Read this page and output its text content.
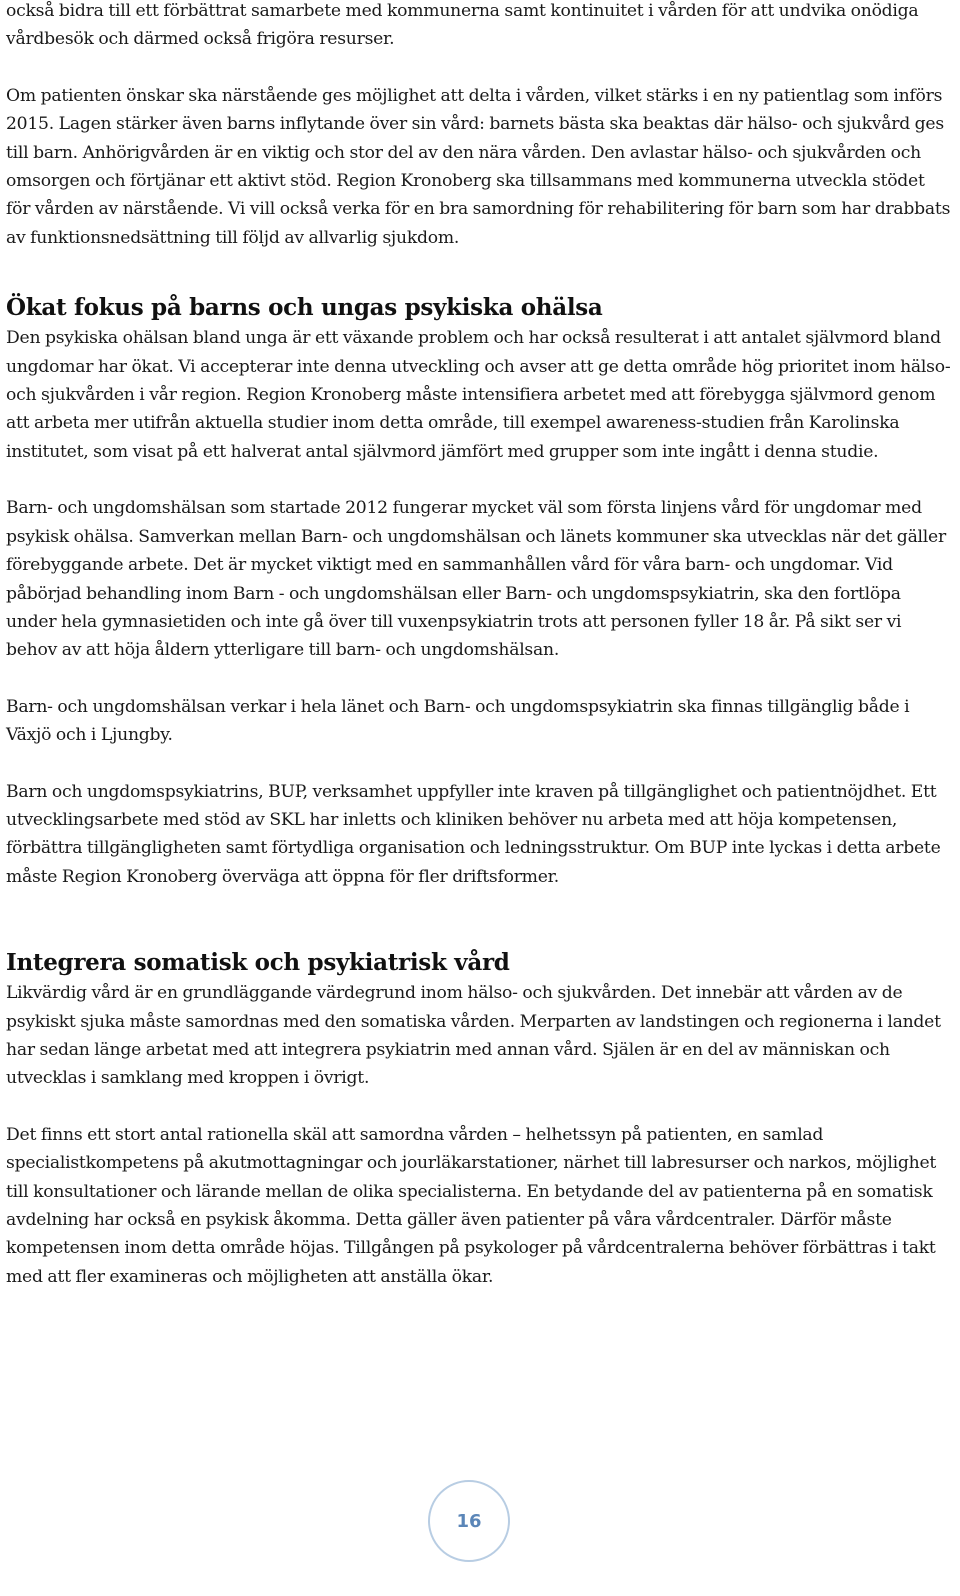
också bidra till ett förbättrat samarbete med kommunerna samt kontinuitet i vården för att undvika onödiga vårdbesök och därmed också frigöra resurser.

Om patienten önskar ska närstående ges möjlighet att delta i vården, vilket stärks i en ny patientlag som införs 2015. Lagen stärker även barns inflytande över sin vård: barnets bästa ska beaktas där hälso- och sjukvård ges till barn. Anhörigvården är en viktig och stor del av den nära vården. Den avlastar hälso- och sjukvården och omsorgen och förtjänar ett aktivt stöd. Region Kronoberg ska tillsammans med kommunerna utveckla stödet för vården av närstående. Vi vill också verka för en bra samordning för rehabilitering för barn som har drabbats av funktionsnedsättning till följd av allvarlig sjukdom.

Ökat fokus på barns och ungas psykiska ohälsa

Den psykiska ohälsan bland unga är ett växande problem och har också resulterat i att antalet självmord bland ungdomar har ökat. Vi accepterar inte denna utveckling och avser att ge detta område hög prioritet inom hälso- och sjukvården i vår region. Region Kronoberg måste intensifiera arbetet med att förebygga självmord genom att arbeta mer utifrån aktuella studier inom detta område, till exempel awareness-studien från Karolinska institutet, som visat på ett halverat antal självmord jämfört med grupper som inte ingått i denna studie.

Barn- och ungdomshälsan som startade 2012 fungerar mycket väl som första linjens vård för ungdomar med psykisk ohälsa. Samverkan mellan Barn- och ungdomshälsan och länets kommuner ska utvecklas när det gäller förebyggande arbete. Det är mycket viktigt med en sammanhållen vård för våra barn- och ungdomar. Vid påbörjad behandling inom Barn - och ungdomshälsan eller Barn- och ungdomspsykiatrin, ska den fortlöpa under hela gymnasietiden och inte gå över till vuxenpsykiatrin trots att personen fyller 18 år. På sikt ser vi behov av att höja åldern ytterligare till barn- och ungdomshälsan.

Barn- och ungdomshälsan verkar i hela länet och Barn- och ungdomspsykiatrin ska finnas tillgänglig både i Växjö och i Ljungby.

Barn och ungdomspsykiatrins, BUP, verksamhet uppfyller inte kraven på tillgänglighet och patientnöjdhet. Ett utvecklingsarbete med stöd av SKL har inletts och kliniken behöver nu arbeta med att höja kompetensen, förbättra tillgängligheten samt förtydliga organisation och ledningsstruktur. Om BUP inte lyckas i detta arbete måste Region Kronoberg överväga att öppna för fler driftsformer.

Integrera somatisk och psykiatrisk vård

Likvärdig vård är en grundläggande värdegrund inom hälso- och sjukvården. Det innebär att vården av de psykiskt sjuka måste samordnas med den somatiska vården. Merparten av landstingen och regionerna i landet har sedan länge arbetat med att integrera psykiatrin med annan vård. Själen är en del av människan och utvecklas i samklang med kroppen i övrigt.

Det finns ett stort antal rationella skäl att samordna vården – helhetssyn på patienten, en samlad specialistkompetens på akutmottagningar och jourläkarstationer, närhet till labresurser och narkos, möjlighet till konsultationer och lärande mellan de olika specialisterna. En betydande del av patienterna på en somatisk avdelning har också en psykisk åkomma. Detta gäller även patienter på våra vårdcentraler. Därför måste kompetensen inom detta område höjas. Tillgången på psykologer på vårdcentralerna behöver förbättras i takt med att fler examineras och möjligheten att anställa ökar.

16
